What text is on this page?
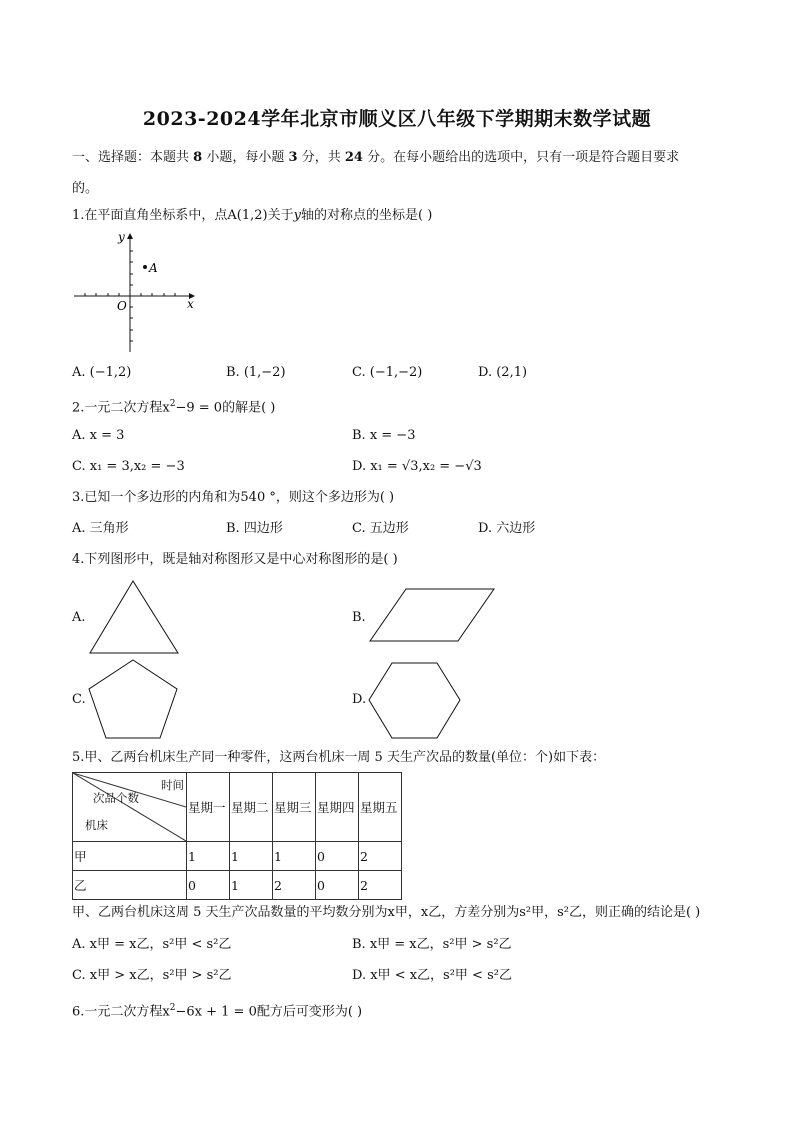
2023-2024学年北京市顺义区八年级下学期期末数学试题
一、选择题：本题共 8 小题，每小题 3 分，共 24 分。在每小题给出的选项中，只有一项是符合题目要求
的。
1.在平面直角坐标系中，点A(1,2)关于y轴的对称点的坐标是( )
A
y
x
O
A. (−1,2)	B. (1,−2)	C. (−1,−2)	D. (2,1)
2.一元二次方程$x^2-9 = 0$的解是( )
A. x = 3	B. x = −3
C. x₁ = 3,x₂ = −3	D. x₁ = √3,x₂ = −√3
3.已知一个多边形的内角和为540 °，则这个多边形为( )
A. 三角形	B. 四边形	C. 五边形	D. 六边形
4.下列图形中，既是轴对称图形又是中心对称图形的是( )
A.	B.
C.	D.
5.甲、乙两台机床生产同一种零件，这两台机床一周 5 天生产次品的数量(单位：个)如下表：
时间
次品个数
机床	星期一	星期二	星期三	星期四	星期五
甲	1	1	1	0	2
乙	0	1	2	0	2
甲、乙两台机床这周 5 天生产次品数量的平均数分别为x甲，x乙，方差分别为s²甲，s²乙，则正确的结论是( )
A. x甲 = x乙，s²甲 < s²乙	B. x甲 = x乙，s²甲 > s²乙
C. x甲 > x乙，s²甲 > s²乙	D. x甲 < x乙，s²甲 < s²乙
6.一元二次方程$x^2-6x + 1 = 0$配方后可变形为( )
